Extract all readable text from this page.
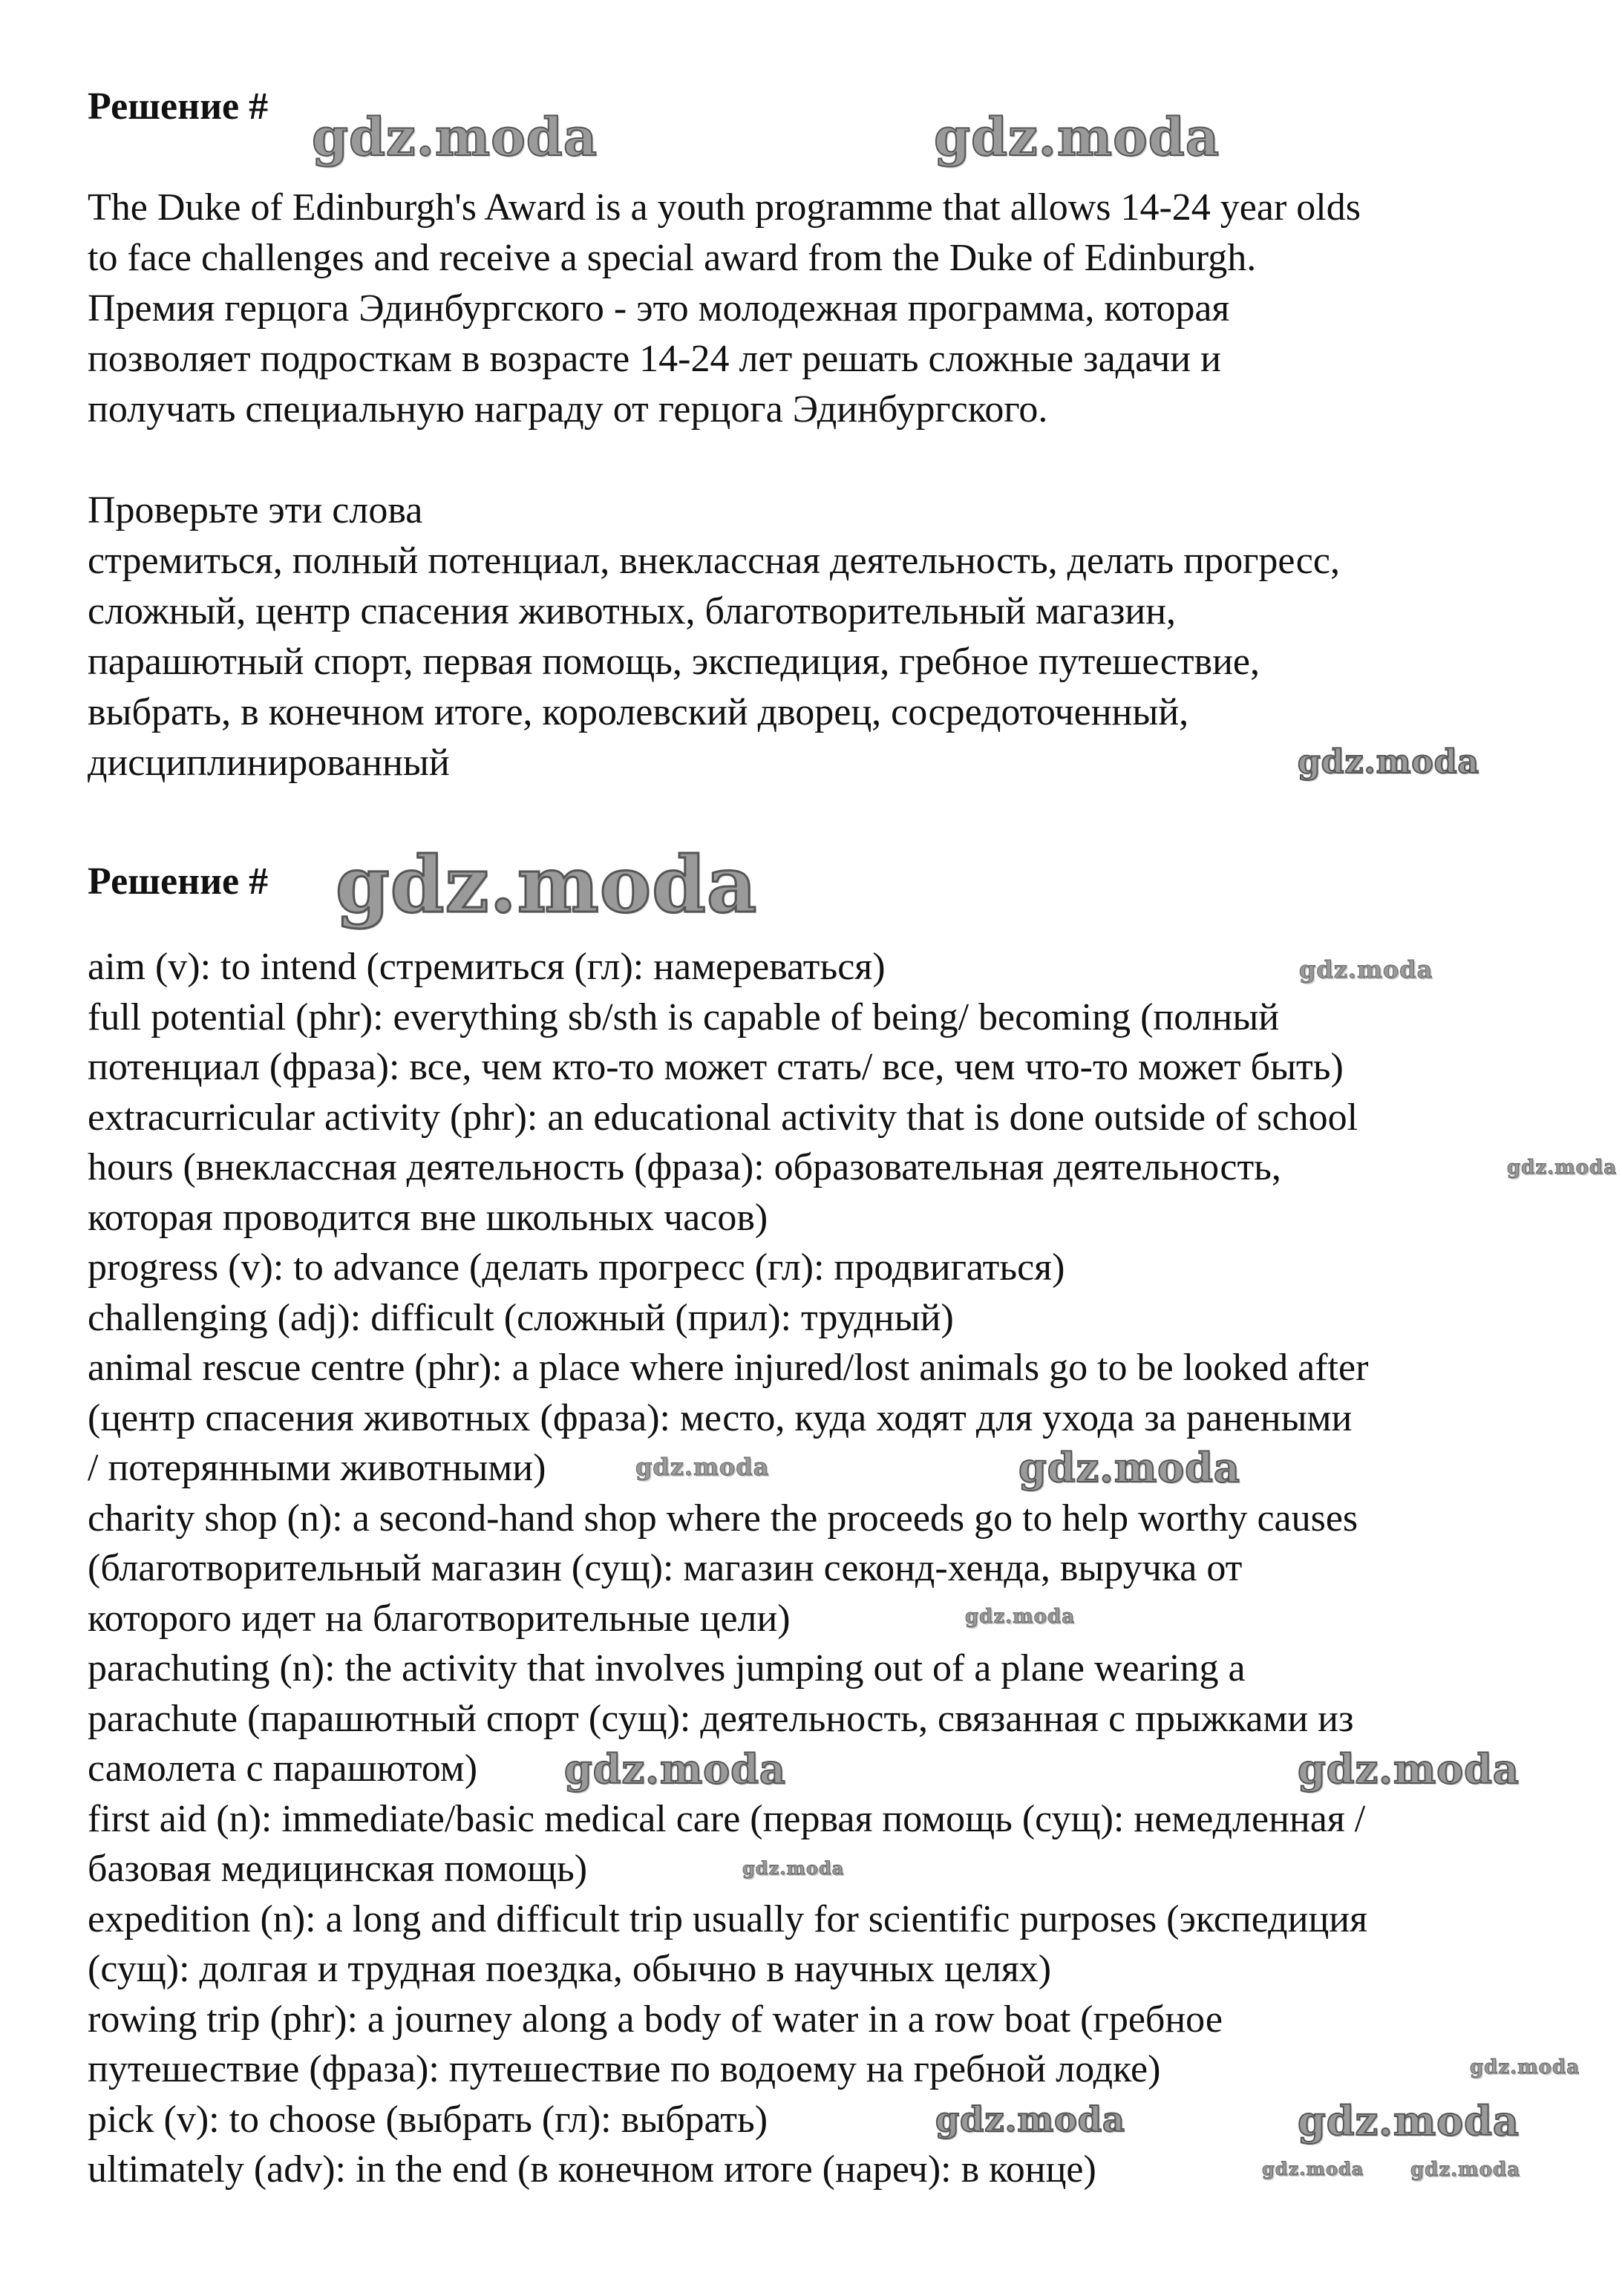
Решение #
The Duke of Edinburgh's Award is a youth programme that allows 14-24 year olds
to face challenges and receive a special award from the Duke of Edinburgh.
Премия герцога Эдинбургского - это молодежная программа, которая
позволяет подросткам в возрасте 14-24 лет решать сложные задачи и
получать специальную награду от герцога Эдинбургского.
Проверьте эти слова
стремиться, полный потенциал, внеклассная деятельность, делать прогресс,
сложный, центр спасения животных, благотворительный магазин,
парашютный спорт, первая помощь, экспедиция, гребное путешествие,
выбрать, в конечном итоге, королевский дворец, сосредоточенный,
дисциплинированный
Решение #
aim (v): to intend (стремиться (гл): намереваться)
full potential (phr): everything sb/sth is capable of being/ becoming (полный
потенциал (фраза): все, чем кто-то может стать/ все, чем что-то может быть)
extracurricular activity (phr): an educational activity that is done outside of school
hours (внеклассная деятельность (фраза): образовательная деятельность,
которая проводится вне школьных часов)
progress (v): to advance (делать прогресс (гл): продвигаться)
challenging (adj): difficult (сложный (прил): трудный)
animal rescue centre (phr): a place where injured/lost animals go to be looked after
(центр спасения животных (фраза): место, куда ходят для ухода за ранеными
/ потерянными животными)
charity shop (n): a second-hand shop where the proceeds go to help worthy causes
(благотворительный магазин (сущ): магазин секонд-хенда, выручка от
которого идет на благотворительные цели)
parachuting (n): the activity that involves jumping out of a plane wearing a
parachute (парашютный спорт (сущ): деятельность, связанная с прыжками из
самолета с парашютом)
first aid (n): immediate/basic medical care (первая помощь (сущ): немедленная /
базовая медицинская помощь)
expedition (n): a long and difficult trip usually for scientific purposes (экспедиция
(сущ): долгая и трудная поездка, обычно в научных целях)
rowing trip (phr): a journey along a body of water in a row boat (гребное
путешествие (фраза): путешествие по водоему на гребной лодке)
pick (v): to choose (выбрать (гл): выбрать)
ultimately (adv): in the end (в конечном итоге (нареч): в конце)
gdz.moda	gdz.moda
gdz.moda
gdz.moda
gdz.moda
gdz.moda
gdz.moda	gdz.moda
gdz.moda
gdz.moda	gdz.moda
gdz.moda
gdz.moda
gdz.moda gdz.moda
gdz.moda	gdz.moda
